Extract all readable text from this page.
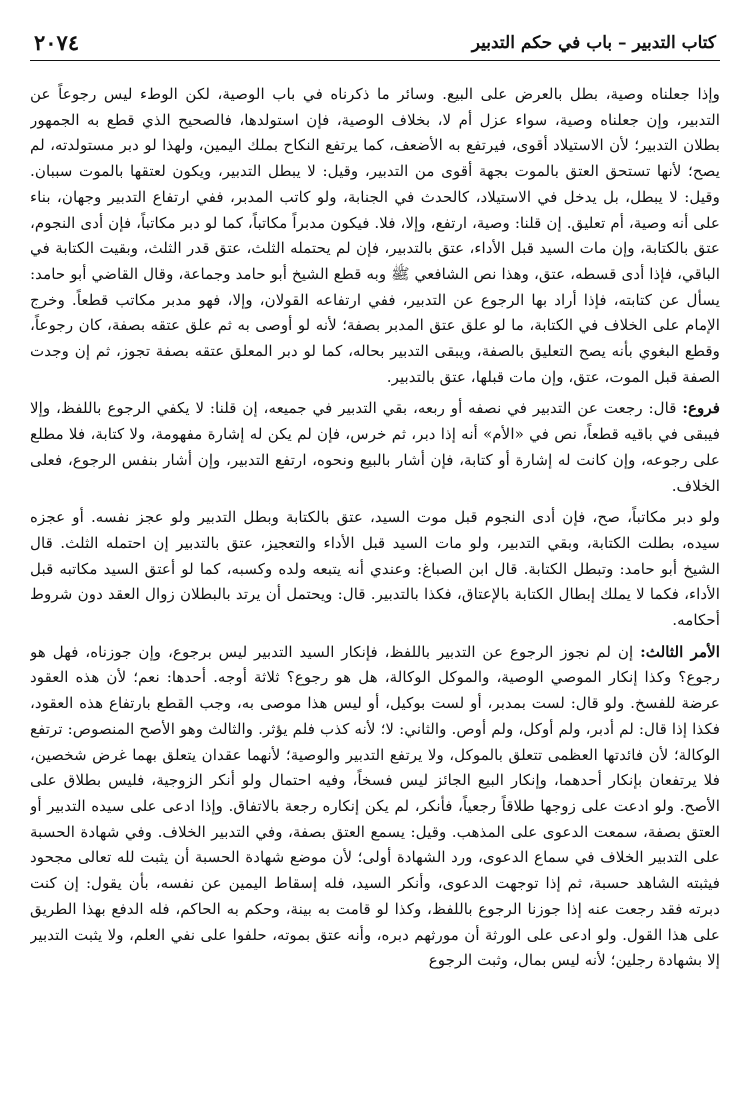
٢٠٧٤	كتاب التدبير – باب في حكم التدبير

وإذا جعلناه وصية، بطل بالعرض على البيع. وسائر ما ذكرناه في باب الوصية، لكن الوطء ليس رجوعاً عن التدبير، وإن جعلناه وصية، سواء عزل أم لا، بخلاف الوصية، فإن استولدها، فالصحيح الذي قطع به الجمهور بطلان التدبير؛ لأن الاستيلاد أقوى، فيرتفع به الأضعف، كما يرتفع النكاح بملك اليمين، ولهذا لو دبر مستولدته، لم يصح؛ لأنها تستحق العتق بالموت بجهة أقوى من التدبير، وقيل: لا يبطل التدبير، ويكون لعتقها بالموت سببان. وقيل: لا يبطل، بل يدخل في الاستيلاد، كالحدث في الجنابة، ولو كاتب المدبر، ففي ارتفاع التدبير وجهان، بناء على أنه وصية، أم تعليق. إن قلنا: وصية، ارتفع، وإلا، فلا. فيكون مدبراً مكاتباً، كما لو دبر مكاتباً، فإن أدى النجوم، عتق بالكتابة، وإن مات السيد قبل الأداء، عتق بالتدبير، فإن لم يحتمله الثلث، عتق قدر الثلث، وبقيت الكتابة في الباقي، فإذا أدى قسطه، عتق، وهذا نص الشافعي ﷺ وبه قطع الشيخ أبو حامد وجماعة، وقال القاضي أبو حامد: يسأل عن كتابته، فإذا أراد بها الرجوع عن التدبير، ففي ارتفاعه القولان، وإلا، فهو مدبر مكاتب قطعاً. وخرج الإمام على الخلاف في الكتابة، ما لو علق عتق المدبر بصفة؛ لأنه لو أوصى به ثم علق عتقه بصفة، كان رجوعاً، وقطع البغوي بأنه يصح التعليق بالصفة، ويبقى التدبير بحاله، كما لو دبر المعلق عتقه بصفة تجوز، ثم إن وجدت الصفة قبل الموت، عتق، وإن مات قبلها، عتق بالتدبير.

فروع: قال: رجعت عن التدبير في نصفه أو ربعه، بقي التدبير في جميعه، إن قلنا: لا يكفي الرجوع باللفظ، وإلا فيبقى في باقيه قطعاً، نص في «الأم» أنه إذا دبر، ثم خرس، فإن لم يكن له إشارة مفهومة، ولا كتابة، فلا مطلع على رجوعه، وإن كانت له إشارة أو كتابة، فإن أشار بالبيع ونحوه، ارتفع التدبير، وإن أشار بنفس الرجوع، فعلى الخلاف.

ولو دبر مكاتباً، صح، فإن أدى النجوم قبل موت السيد، عتق بالكتابة وبطل التدبير ولو عجز نفسه. أو عجزه سيده، بطلت الكتابة، وبقي التدبير، ولو مات السيد قبل الأداء والتعجيز، عتق بالتدبير إن احتمله الثلث. قال الشيخ أبو حامد: وتبطل الكتابة. قال ابن الصباغ: وعندي أنه يتبعه ولده وكسبه، كما لو أعتق السيد مكاتبه قبل الأداء، فكما لا يملك إبطال الكتابة بالإعتاق، فكذا بالتدبير. قال: ويحتمل أن يرتد بالبطلان زوال العقد دون شروط أحكامه.

الأمر الثالث: إن لم نجوز الرجوع عن التدبير باللفظ، فإنكار السيد التدبير ليس برجوع، وإن جوزناه، فهل هو رجوع؟ وكذا إنكار الموصي الوصية، والموكل الوكالة، هل هو رجوع؟ ثلاثة أوجه. أحدها: نعم؛ لأن هذه العقود عرضة للفسخ. ولو قال: لست بمدبر، أو لست بوكيل، أو ليس هذا موصى به، وجب القطع بارتفاع هذه العقود، فكذا إذا قال: لم أدبر، ولم أوكل، ولم أوص. والثاني: لا؛ لأنه كذب فلم يؤثر. والثالث وهو الأصح المنصوص: ترتفع الوكالة؛ لأن فائدتها العظمى تتعلق بالموكل، ولا يرتفع التدبير والوصية؛ لأنهما عقدان يتعلق بهما غرض شخصين، فلا يرتفعان بإنكار أحدهما، وإنكار البيع الجائز ليس فسخاً، وفيه احتمال ولو أنكر الزوجية، فليس بطلاق على الأصح. ولو ادعت على زوجها طلاقاً رجعياً، فأنكر، لم يكن إنكاره رجعة بالاتفاق. وإذا ادعى على سيده التدبير أو العتق بصفة، سمعت الدعوى على المذهب. وقيل: يسمع العتق بصفة، وفي التدبير الخلاف. وفي شهادة الحسبة على التدبير الخلاف في سماع الدعوى، ورد الشهادة أولى؛ لأن موضع شهادة الحسبة أن يثبت لله تعالى مجحود فيثبته الشاهد حسبة، ثم إذا توجهت الدعوى، وأنكر السيد، فله إسقاط اليمين عن نفسه، بأن يقول: إن كنت دبرته فقد رجعت عنه إذا جوزنا الرجوع باللفظ، وكذا لو قامت به بينة، وحكم به الحاكم، فله الدفع بهذا الطريق على هذا القول. ولو ادعى على الورثة أن مورثهم دبره، وأنه عتق بموته، حلفوا على نفي العلم، ولا يثبت التدبير إلا بشهادة رجلين؛ لأنه ليس بمال، وثبت الرجوع
